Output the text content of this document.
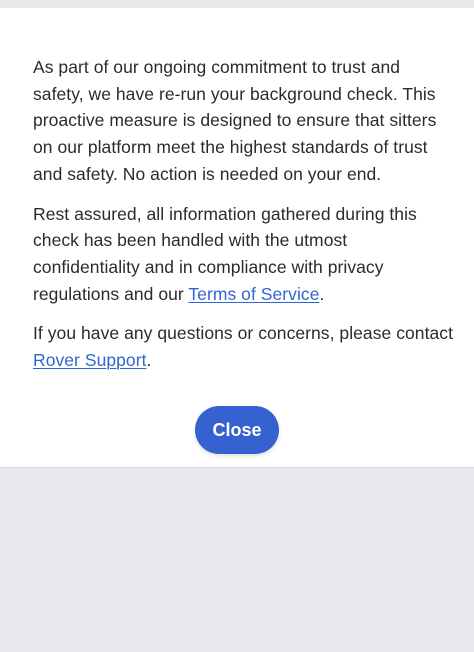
As part of our ongoing commitment to trust and safety, we have re-run your background check. This proactive measure is designed to ensure that sitters on our platform meet the highest standards of trust and safety. No action is needed on your end.

Rest assured, all information gathered during this check has been handled with the utmost confidentiality and in compliance with privacy regulations and our Terms of Service.

If you have any questions or concerns, please contact Rover Support.

Close
